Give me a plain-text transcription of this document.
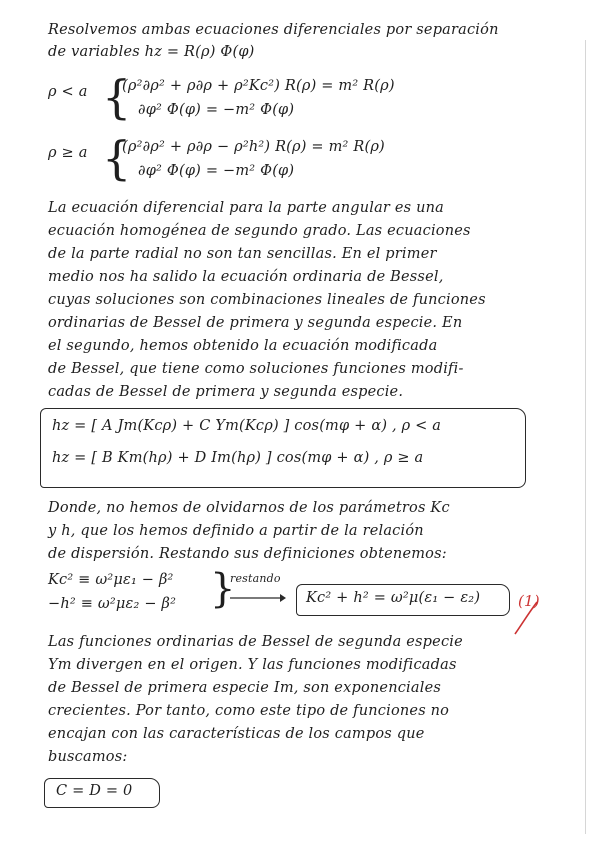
Resolvemos ambas ecuaciones diferenciales por separación
de variables hz = R(ρ) Φ(φ)
ρ < a {
(ρ²∂ρ² + ρ∂ρ + ρ²Kc²) R(ρ) = m² R(ρ)
∂φ² Φ(φ) = −m² Φ(φ)
ρ ≥ a {
(ρ²∂ρ² + ρ∂ρ − ρ²h²) R(ρ) = m² R(ρ)
∂φ² Φ(φ) = −m² Φ(φ)
La ecuación diferencial para la parte angular es una
ecuación homogénea de segundo grado. Las ecuaciones
de la parte radial no son tan sencillas. En el primer
medio nos ha salido la ecuación ordinaria de Bessel,
cuyas soluciones son combinaciones lineales de funciones
ordinarias de Bessel de primera y segunda especie. En
el segundo, hemos obtenido la ecuación modificada
de Bessel, que tiene como soluciones funciones modifi-
cadas de Bessel de primera y segunda especie.
hz = [ A Jm(Kcρ) + C Ym(Kcρ) ] cos(mφ + α) , ρ < a
hz = [ B Km(hρ) + D Im(hρ) ] cos(mφ + α) , ρ ≥ a
Donde, no hemos de olvidarnos de los parámetros Kc
y h, que los hemos definido a partir de la relación
de dispersión. Restando sus definiciones obtenemos:
Kc² ≡ ω²με₁ − β²
−h² ≡ ω²με₂ − β² }
restando
Kc² + h² = ω²μ(ε₁ − ε₂)	(1)
Las funciones ordinarias de Bessel de segunda especie
Ym divergen en el origen. Y las funciones modificadas
de Bessel de primera especie Im, son exponenciales
crecientes. Por tanto, como este tipo de funciones no
encajan con las características de los campos que
buscamos:
C = D = 0
